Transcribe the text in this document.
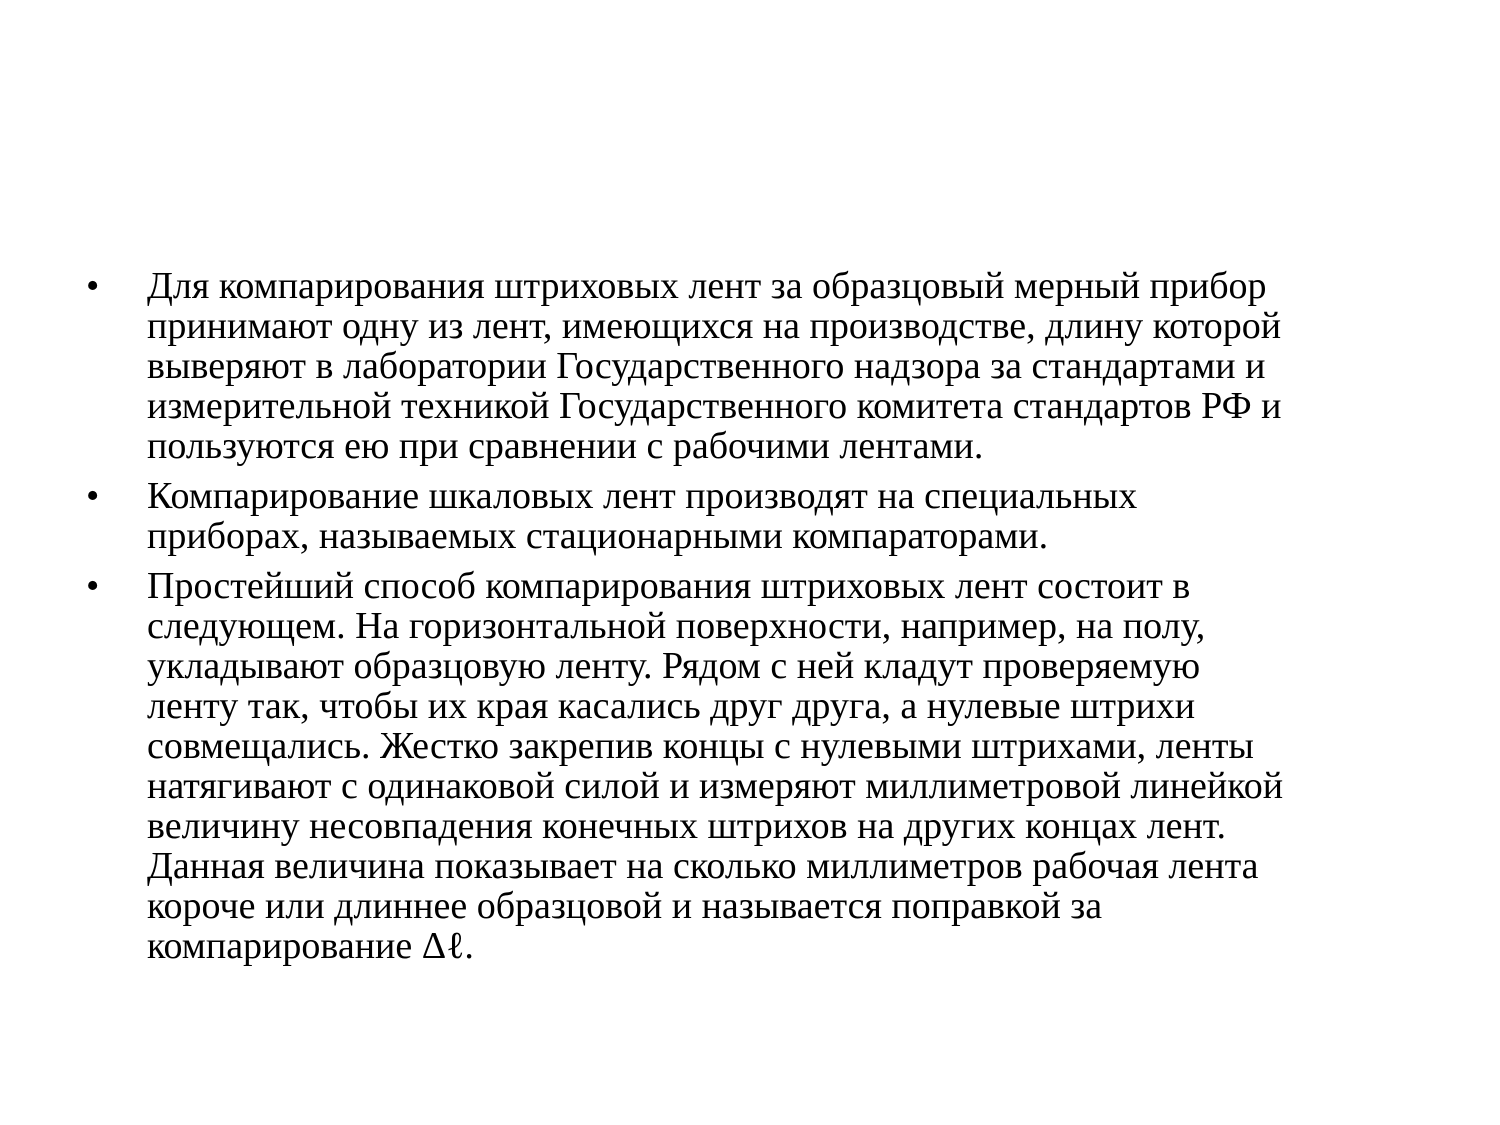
•	Для компарирования штриховых лент за образцовый мерный прибор
принимают одну из лент, имеющихся на производстве, длину которой
выверяют в лаборатории Государственного надзора за стандартами и
измерительной техникой Государственного комитета стандартов РФ и
пользуются ею при сравнении с рабочими лентами.
•	Компарирование шкаловых лент производят на специальных
приборах, называемых стационарными компараторами.
•	Простейший способ компарирования штриховых лент состоит в
следующем. На горизонтальной поверхности, например, на полу,
укладывают образцовую ленту. Рядом с ней кладут проверяемую
ленту так, чтобы их края касались друг друга, а нулевые штрихи
совмещались. Жестко закрепив концы с нулевыми штрихами, ленты
натягивают с одинаковой силой и измеряют миллиметровой линейкой
величину несовпадения конечных штрихов на других концах лент.
Данная величина показывает на сколько миллиметров рабочая лента
короче или длиннее образцовой и называется поправкой за
компарирование Δℓ.
